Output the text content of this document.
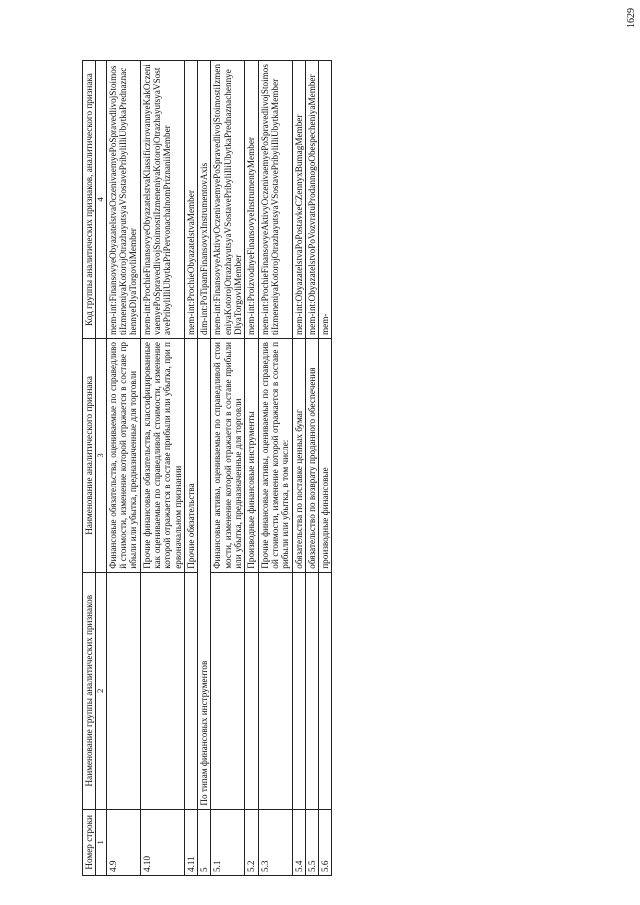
1629
Номер строки	Наименование группы аналитических признаков	Наименование аналитического признака	Код группы аналитических признаков, аналитического признака
1	2	3	4
4.9		Финансовые обязательства, оцениваемые по справедливой стоимости, изменение которой отражается в составе прибыли или убытка, предназначенные для торговли	mem-int:FinansovyeObyazatelstvaOczenivaemyePoSpravedlivojStoimostiIzmeneniyaKotorojOtrazhayutsyaVSostavePribyliIliUbytkaPrednaznachennyeDlyaTorgovliMember
4.10		Прочие финансовые обязательства, классифицированные как оцениваемые по справедливой стоимости, изменение которой отражается в составе прибыли или убытка, при первоначальном признании	mem-int:ProchieFinansovyeObyazatelstvaKlassificzirovannyeKakOczenivaemyePoSpravedlivojStoimostiIzmeneniyaKotorojOtrazhayutsyaVSostavePribyliIliUbytkaPriPervonachalnomPriznaniiMember
4.11		Прочие обязательства	mem-int:ProchieObyazatelstvaMember
5	По типам финансовых инструментов		dim-int:PoTipamFinansovyxInstrumentovAxis
5.1		Финансовые активы, оцениваемые по справедливой стоимости, изменение которой отражается в составе прибыли или убытка, предназначенные для торговли	mem-int:FinansovyeAktivyOczenivaemyePoSpravedlivojStoimostiIzmeneniyaKotorojOtrazhayutsyaVSostavePribyliIliUbytkaPrednaznachennyeDlyaTorgovliMember
5.2		Производные финансовые инструменты	mem-int:ProizvodnyeFinansovyeInstrumentyMember
5.3		Прочие финансовые активы, оцениваемые по справедливой стоимости, изменение которой отражается в составе прибыли или убытка, в том числе:	mem-int:ProchieFinansovyeAktivyOczenivaemyePoSpravedlivojStoimostiIzmeneniyaKotorojOtrazhayutsyaVSostavePribyliIliUbytkaMember
5.4		обязательства по поставке ценных бумаг	mem-int:ObyazatelstvaPoPostavkeCZennyxBumagMember
5.5		обязательство по возврату проданного обеспечения	mem-int:ObyazatelstvoPoVozvratuProdannogoObespecheniyaMember
5.6		производные финансовые	mem-
